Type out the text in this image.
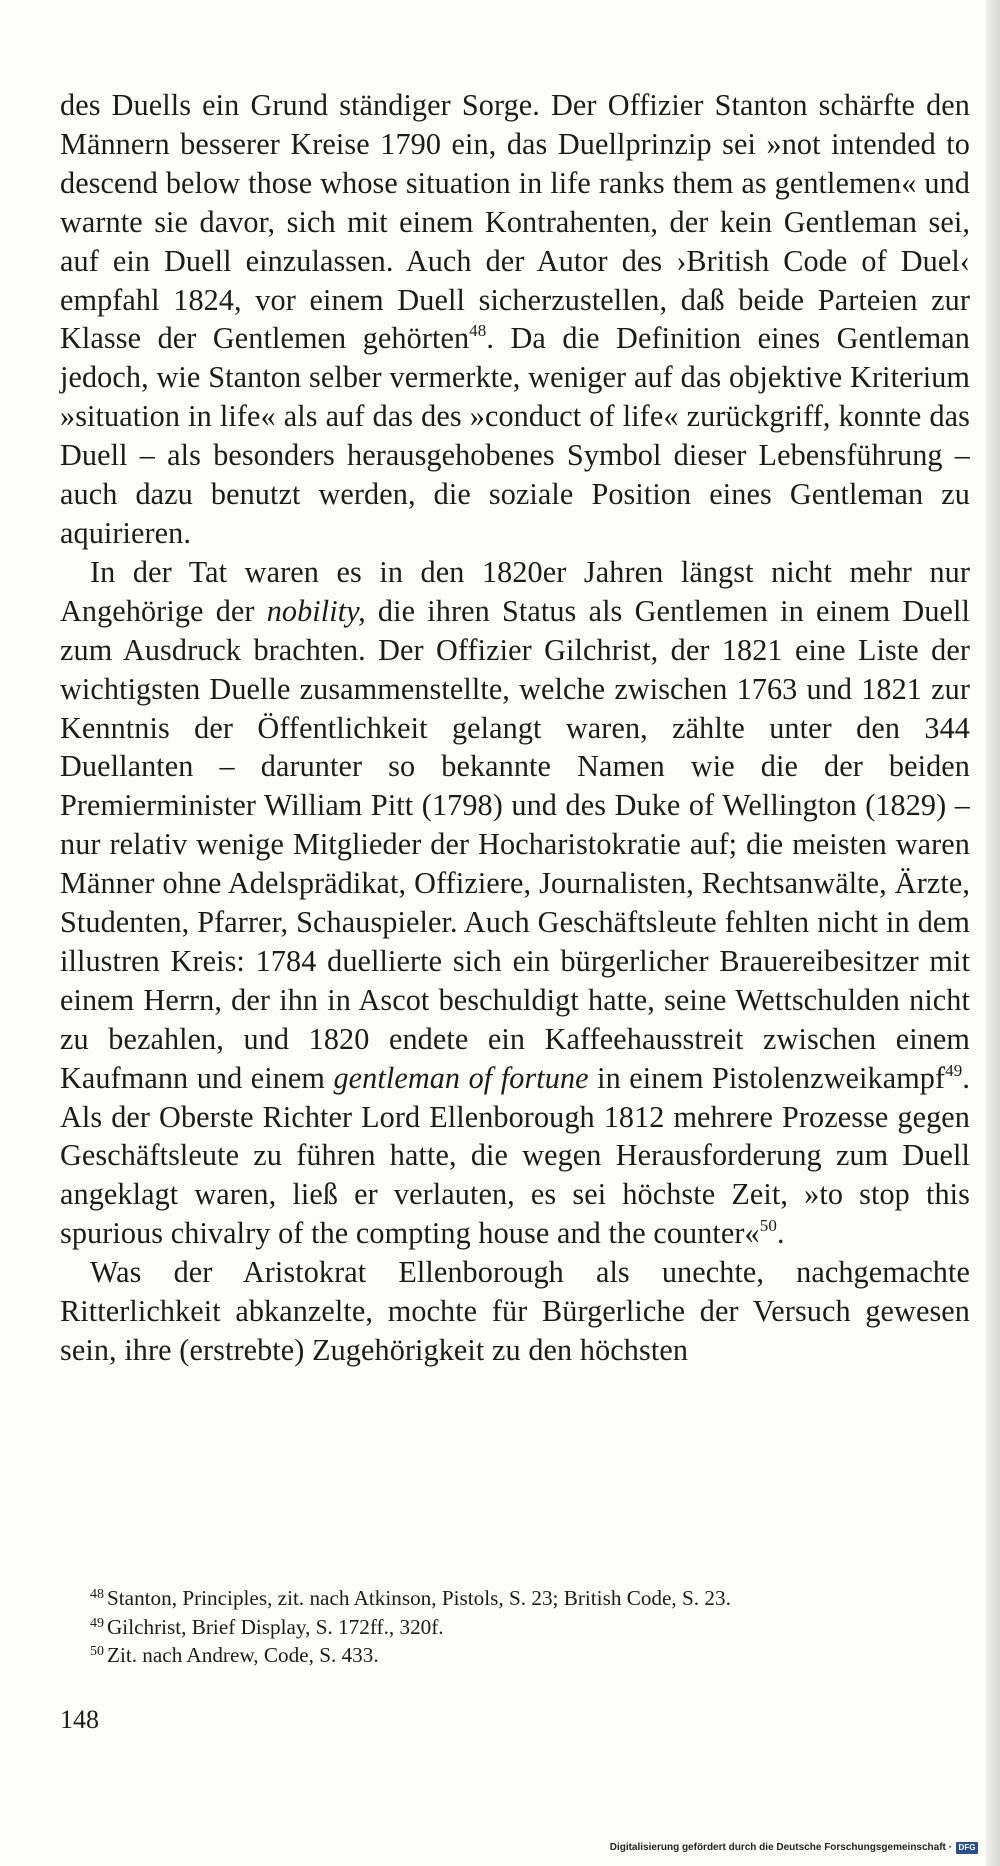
des Duells ein Grund ständiger Sorge. Der Offizier Stanton schärfte den Männern besserer Kreise 1790 ein, das Duellprinzip sei »not intended to descend below those whose situation in life ranks them as gentlemen« und warnte sie davor, sich mit einem Kontrahenten, der kein Gentleman sei, auf ein Duell einzulassen. Auch der Autor des ›British Code of Duel‹ empfahl 1824, vor einem Duell sicherzustellen, daß beide Parteien zur Klasse der Gentlemen gehörten$^{48}$. Da die Definition eines Gentleman jedoch, wie Stanton selber vermerkte, weniger auf das objektive Kriterium »situation in life« als auf das des »conduct of life« zurückgriff, konnte das Duell – als besonders herausgehobenes Symbol dieser Lebensführung – auch dazu benutzt werden, die soziale Position eines Gentleman zu aquirieren.

In der Tat waren es in den 1820er Jahren längst nicht mehr nur Angehörige der nobility, die ihren Status als Gentlemen in einem Duell zum Ausdruck brachten. Der Offizier Gilchrist, der 1821 eine Liste der wichtigsten Duelle zusammenstellte, welche zwischen 1763 und 1821 zur Kenntnis der Öffentlichkeit gelangt waren, zählte unter den 344 Duellanten – darunter so bekannte Namen wie die der beiden Premierminister William Pitt (1798) und des Duke of Wellington (1829) – nur relativ wenige Mitglieder der Hocharistokratie auf; die meisten waren Männer ohne Adelsprädikat, Offiziere, Journalisten, Rechtsanwälte, Ärzte, Studenten, Pfarrer, Schauspieler. Auch Geschäftsleute fehlten nicht in dem illustren Kreis: 1784 duellierte sich ein bürgerlicher Brauereibesitzer mit einem Herrn, der ihn in Ascot beschuldigt hatte, seine Wettschulden nicht zu bezahlen, und 1820 endete ein Kaffeehausstreit zwischen einem Kaufmann und einem gentleman of fortune in einem Pistolenzweikampf$^{49}$. Als der Oberste Richter Lord Ellenborough 1812 mehrere Prozesse gegen Geschäftsleute zu führen hatte, die wegen Herausforderung zum Duell angeklagt waren, ließ er verlauten, es sei höchste Zeit, »to stop this spurious chivalry of the compting house and the counter«$^{50}$.

Was der Aristokrat Ellenborough als unechte, nachgemachte Ritterlichkeit abkanzelte, mochte für Bürgerliche der Versuch gewesen sein, ihre (erstrebte) Zugehörigkeit zu den höchsten

$^{48}$ Stanton, Principles, zit. nach Atkinson, Pistols, S. 23; British Code, S. 23.

$^{49}$ Gilchrist, Brief Display, S. 172ff., 320f.

$^{50}$ Zit. nach Andrew, Code, S. 433.

148
Digitalisierung gefördert durch die Deutsche Forschungsgemeinschaft · DFG
